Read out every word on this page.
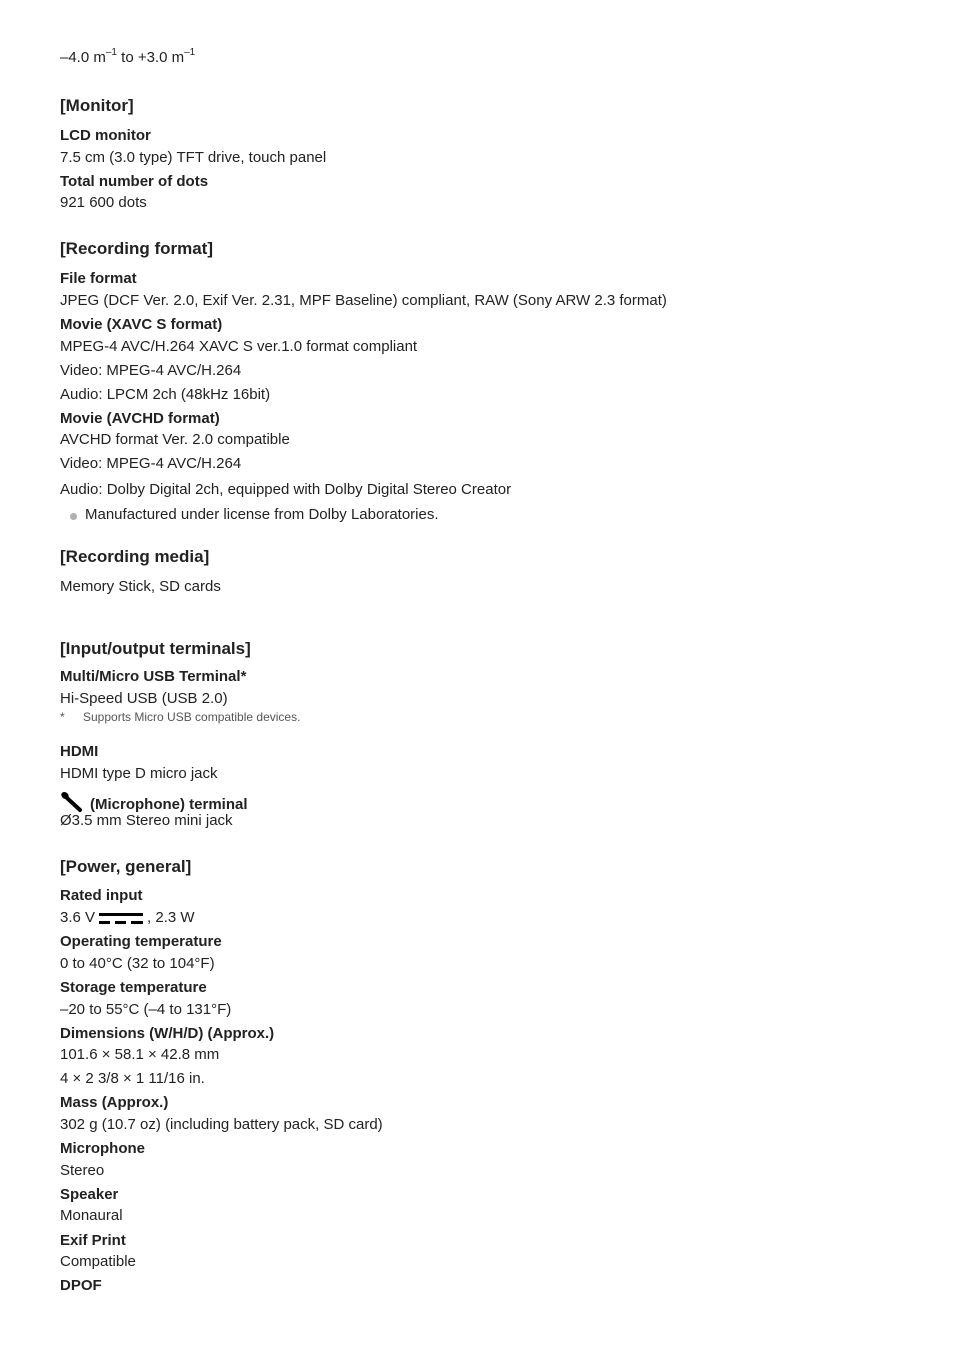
–4.0 $m^{-1}$ to +3.0 $m^{-1}$
[Monitor]
LCD monitor
7.5 cm (3.0 type) TFT drive, touch panel
Total number of dots
921 600 dots
[Recording format]
File format
JPEG (DCF Ver. 2.0, Exif Ver. 2.31, MPF Baseline) compliant, RAW (Sony ARW 2.3 format)
Movie (XAVC S format)
MPEG-4 AVC/H.264 XAVC S ver.1.0 format compliant
Video: MPEG-4 AVC/H.264
Audio: LPCM 2ch (48kHz 16bit)
Movie (AVCHD format)
AVCHD format Ver. 2.0 compatible
Video: MPEG-4 AVC/H.264
Audio: Dolby Digital 2ch, equipped with Dolby Digital Stereo Creator
Manufactured under license from Dolby Laboratories.
[Recording media]
Memory Stick, SD cards
[Input/output terminals]
Multi/Micro USB Terminal*
Hi-Speed USB (USB 2.0)
* Supports Micro USB compatible devices.
HDMI
HDMI type D micro jack
(Microphone) terminal
Ø3.5 mm Stereo mini jack
[Power, general]
Rated input
3.6 V	, 2.3 W
Operating temperature
0 to 40°C (32 to 104°F)
Storage temperature
–20 to 55°C (–4 to 131°F)
Dimensions (W/H/D) (Approx.)
101.6 × 58.1 × 42.8 mm
4 × 2 3/8 × 1 11/16 in.
Mass (Approx.)
302 g (10.7 oz) (including battery pack, SD card)
Microphone
Stereo
Speaker
Monaural
Exif Print
Compatible
DPOF
